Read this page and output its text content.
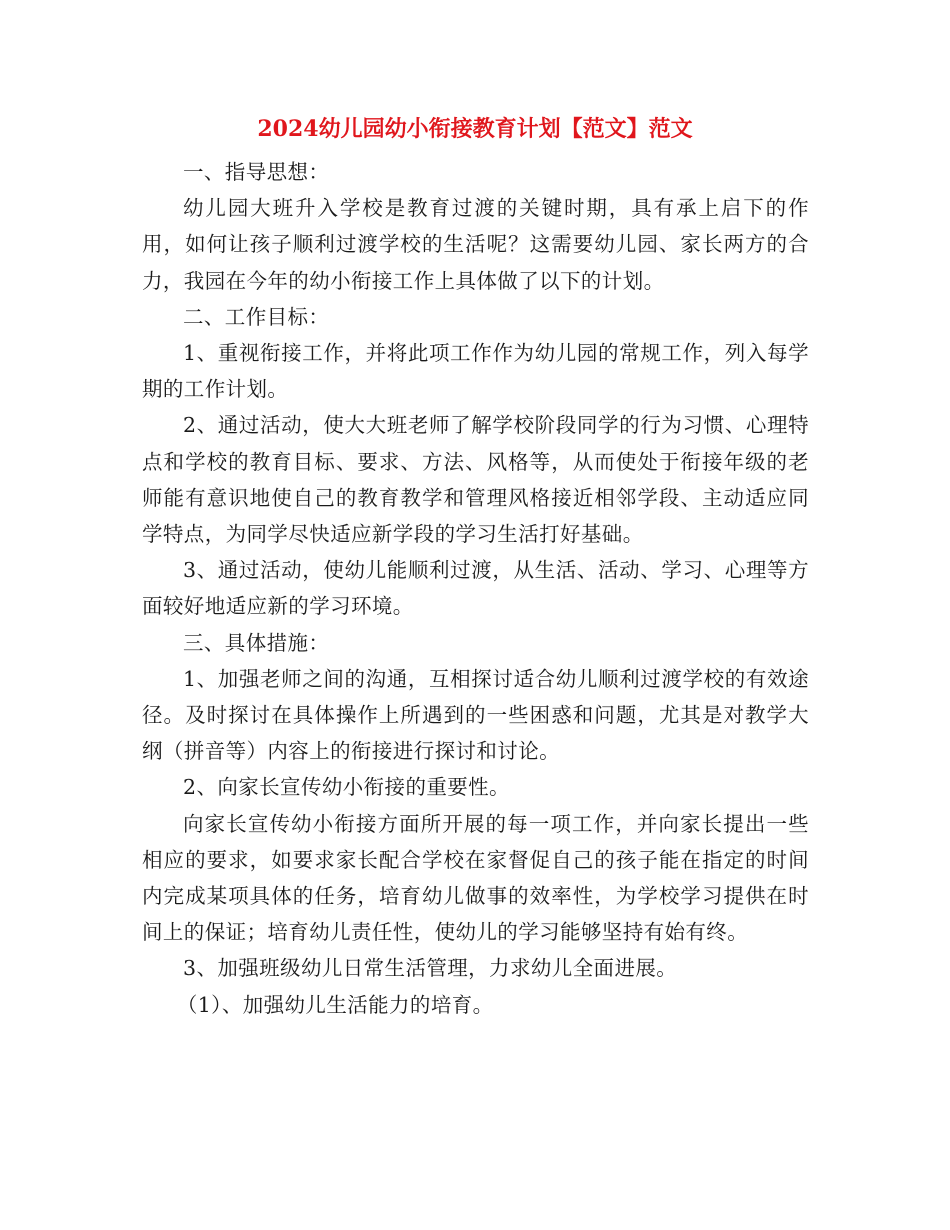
2024幼儿园幼小衔接教育计划【范文】范文

一、指导思想：

幼儿园大班升入学校是教育过渡的关键时期，具有承上启下的作用，如何让孩子顺利过渡学校的生活呢？这需要幼儿园、家长两方的合力，我园在今年的幼小衔接工作上具体做了以下的计划。

二、工作目标：

1、重视衔接工作，并将此项工作作为幼儿园的常规工作，列入每学期的工作计划。

2、通过活动，使大大班老师了解学校阶段同学的行为习惯、心理特点和学校的教育目标、要求、方法、风格等，从而使处于衔接年级的老师能有意识地使自己的教育教学和管理风格接近相邻学段、主动适应同学特点，为同学尽快适应新学段的学习生活打好基础。

3、通过活动，使幼儿能顺利过渡，从生活、活动、学习、心理等方面较好地适应新的学习环境。

三、具体措施：

1、加强老师之间的沟通，互相探讨适合幼儿顺利过渡学校的有效途径。及时探讨在具体操作上所遇到的一些困惑和问题，尤其是对教学大纲（拼音等）内容上的衔接进行探讨和讨论。

2、向家长宣传幼小衔接的重要性。

向家长宣传幼小衔接方面所开展的每一项工作，并向家长提出一些相应的要求，如要求家长配合学校在家督促自己的孩子能在指定的时间内完成某项具体的任务，培育幼儿做事的效率性，为学校学习提供在时间上的保证；培育幼儿责任性，使幼儿的学习能够坚持有始有终。

3、加强班级幼儿日常生活管理，力求幼儿全面进展。

（1）、加强幼儿生活能力的培育。
